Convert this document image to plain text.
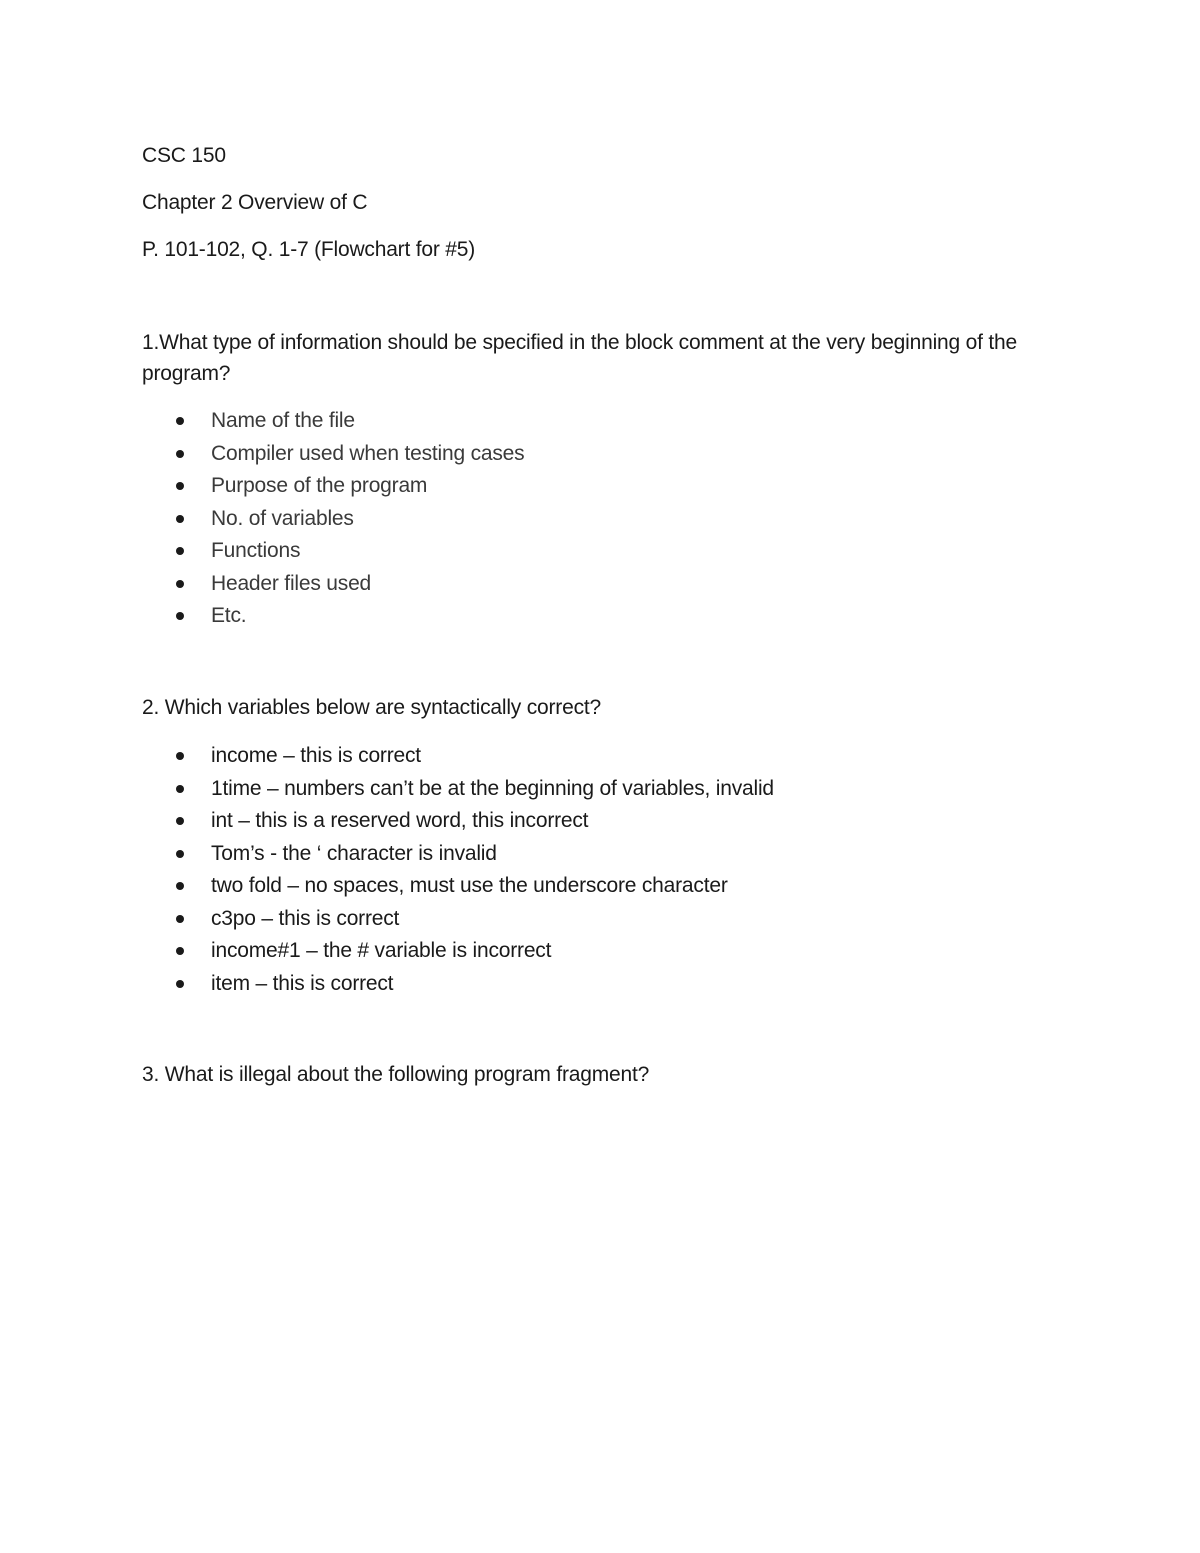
CSC 150
Chapter 2 Overview of C
P. 101-102, Q. 1-7 (Flowchart for #5)
1.What type of information should be specified in the block comment at the very beginning of the program?
Name of the file
Compiler used when testing cases
Purpose of the program
No. of variables
Functions
Header files used
Etc.
2. Which variables below are syntactically correct?
income – this is correct
1time – numbers can’t be at the beginning of variables, invalid
int – this is a reserved word, this incorrect
Tom’s - the ‘ character is invalid
two fold – no spaces, must use the underscore character
c3po – this is correct
income#1 – the # variable is incorrect
item – this is correct
3. What is illegal about the following program fragment?
